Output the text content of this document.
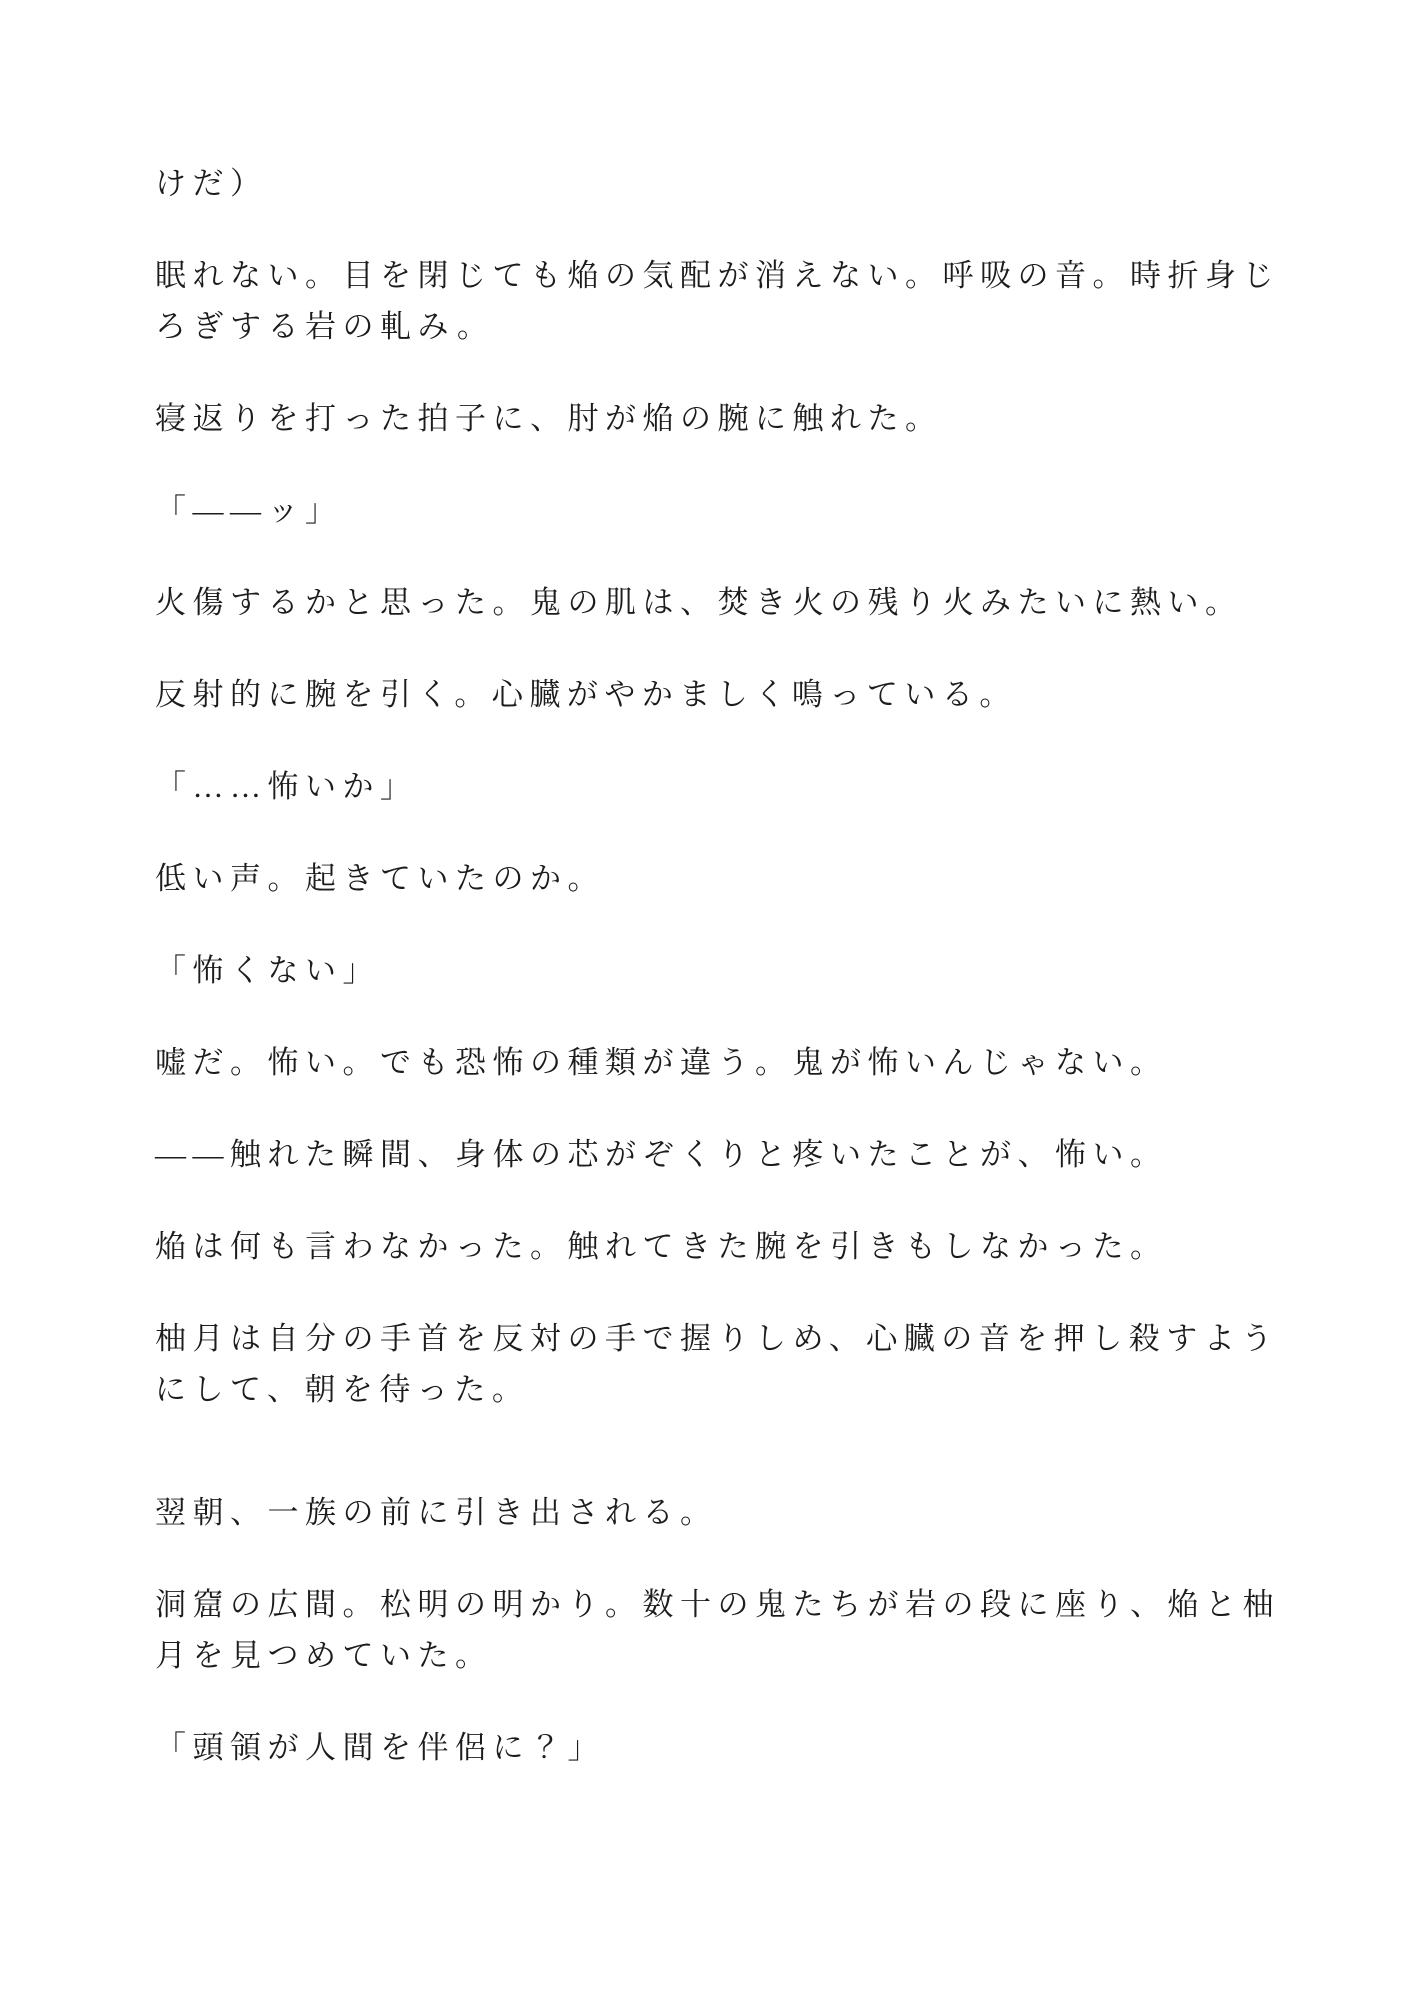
けだ）

眠れない。目を閉じても焔の気配が消えない。呼吸の音。時折身じろぎする岩の軋み。

寝返りを打った拍子に、肘が焔の腕に触れた。

「——ッ」

火傷するかと思った。鬼の肌は、焚き火の残り火みたいに熱い。

反射的に腕を引く。心臓がやかましく鳴っている。

「……怖いか」

低い声。起きていたのか。

「怖くない」

嘘だ。怖い。でも恐怖の種類が違う。鬼が怖いんじゃない。

——触れた瞬間、身体の芯がぞくりと疼いたことが、怖い。

焔は何も言わなかった。触れてきた腕を引きもしなかった。

柚月は自分の手首を反対の手で握りしめ、心臓の音を押し殺すようにして、朝を待った。

翌朝、一族の前に引き出される。

洞窟の広間。松明の明かり。数十の鬼たちが岩の段に座り、焔と柚月を見つめていた。

「頭領が人間を伴侶に？」
